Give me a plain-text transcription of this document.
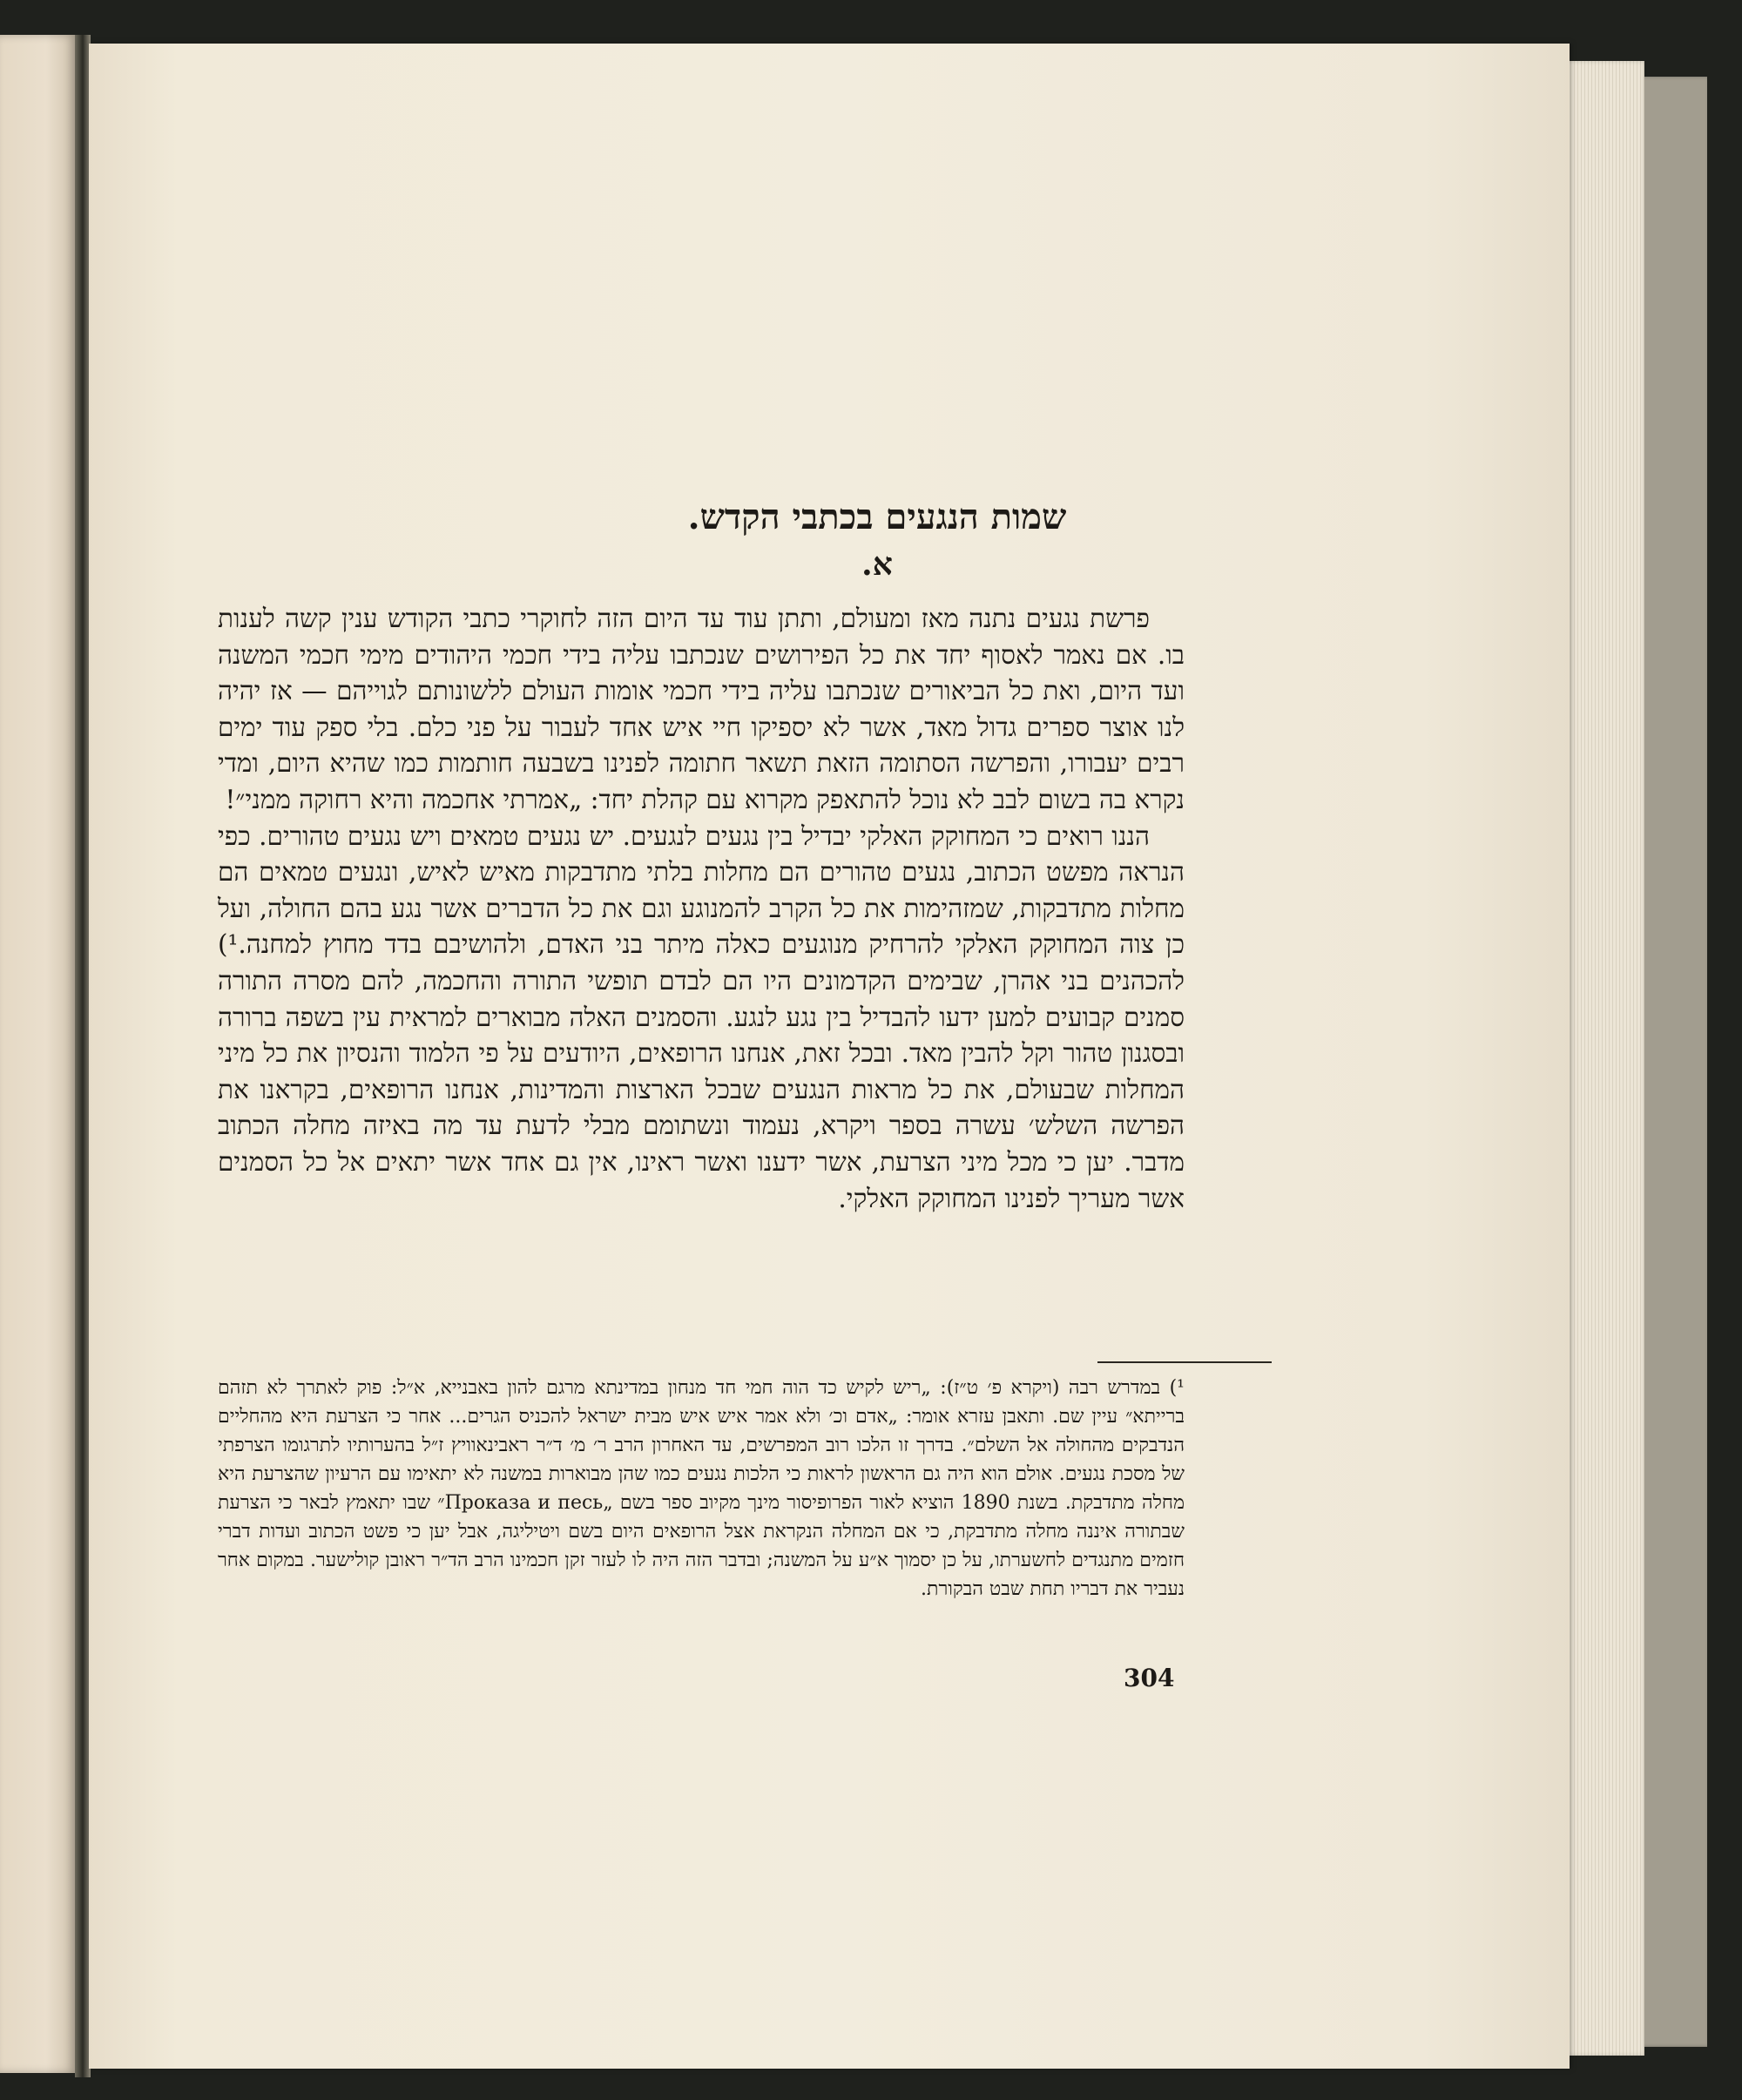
שמות הנגעים בכתבי הקדש.
א.

פרשת נגעים נתנה מאז ומעולם, ותתן עוד עד היום הזה לחוקרי כתבי הקודש ענין קשה לענות בו. אם נאמר לאסוף יחד את כל הפירושים שנכתבו עליה בידי חכמי היהודים מימי חכמי המשנה ועד היום, ואת כל הביאורים שנכתבו עליה בידי חכמי אומות העולם ללשונותם לגוייהם — אז יהיה לנו אוצר ספרים גדול מאד, אשר לא יספיקו חיי איש אחד לעבור על פני כלם. בלי ספק עוד ימים רבים יעבורו, והפרשה הסתומה הזאת תשאר חתומה לפנינו בשבעה חותמות כמו שהיא היום, ומדי נקרא בה בשום לבב לא נוכל להתאפק מקרוא עם קהלת יחד: „אמרתי אחכמה והיא רחוקה ממני״!

הננו רואים כי המחוקק האלקי יבדיל בין נגעים לנגעים. יש נגעים טמאים ויש נגעים טהורים. כפי הנראה מפשט הכתוב, נגעים טהורים הם מחלות בלתי מתדבקות מאיש לאיש, ונגעים טמאים הם מחלות מתדבקות, שמזהימות את כל הקרב להמנוגע וגם את כל הדברים אשר נגע בהם החולה, ועל כן צוה המחוקק האלקי להרחיק מנוגעים כאלה מיתר בני האדם, ולהושיבם בדד מחוץ למחנה.¹) להכהנים בני אהרן, שבימים הקדמונים היו הם לבדם תופשי התורה והחכמה, להם מסרה התורה סמנים קבועים למען ידעו להבדיל בין נגע לנגע. והסמנים האלה מבוארים למראית עין בשפה ברורה ובסגנון טהור וקל להבין מאד. ובכל זאת, אנחנו הרופאים, היודעים על פי הלמוד והנסיון את כל מיני המחלות שבעולם, את כל מראות הנגעים שבכל הארצות והמדינות, אנחנו הרופאים, בקראנו את הפרשה השלש׳ עשרה בספר ויקרא, נעמוד ונשתומם מבלי לדעת עד מה באיזה מחלה הכתוב מדבר. יען כי מכל מיני הצרעת, אשר ידענו ואשר ראינו, אין גם אחד אשר יתאים אל כל הסמנים אשר מעריך לפנינו המחוקק האלקי.

¹) במדרש רבה (ויקרא פ׳ ט״ז): „ריש לקיש כד הוה חמי חד מנחון במדינתא מרגם להון באבנייא, א״ל: פוק לאתרך לא תזהם ברייתא״ עיין שם. ותאבן עזרא אומר: „אדם וכ׳ ולא אמר איש איש מבית ישראל להכניס הגרים... אחר כי הצרעת היא מהחליים הנדבקים מהחולה אל השלם״. בדרך זו הלכו רוב המפרשים, עד האחרון הרב ר׳ מ׳ ד״ר ראבינאוויץ ז״ל בהערותיו לתרגומו הצרפתי של מסכת נגעים. אולם הוא היה גם הראשון לראות כי הלכות נגעים כמו שהן מבוארות במשנה לא יתאימו עם הרעיון שהצרעת היא מחלה מתדבקת. בשנת 1890 הוציא לאור הפרופיסור מינך מקיוב ספר בשם „Проказа и песь״ שבו יתאמץ לבאר כי הצרעת שבתורה איננה מחלה מתדבקת, כי אם המחלה הנקראת אצל הרופאים היום בשם ויטיליגה, אבל יען כי פשט הכתוב ועדות דברי חזמים מתנגדים לחשערתו, על כן יסמוך א״ע על המשנה; ובדבר הזה היה לו לעזר זקן חכמינו הרב הד״ר ראובן קולישער. במקום אחר נעביר את דבריו תחת שבט הבקורת.

304
